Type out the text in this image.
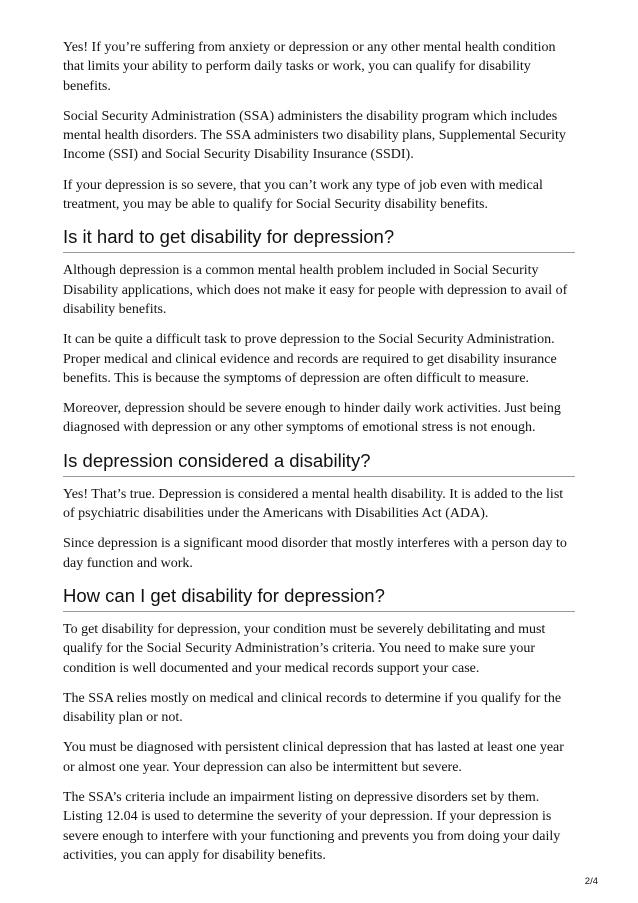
Yes! If you’re suffering from anxiety or depression or any other mental health condition that limits your ability to perform daily tasks or work, you can qualify for disability benefits.

Social Security Administration (SSA) administers the disability program which includes mental health disorders. The SSA administers two disability plans, Supplemental Security Income (SSI) and Social Security Disability Insurance (SSDI).

If your depression is so severe, that you can’t work any type of job even with medical treatment, you may be able to qualify for Social Security disability benefits.

Is it hard to get disability for depression?

Although depression is a common mental health problem included in Social Security Disability applications, which does not make it easy for people with depression to avail of disability benefits.

It can be quite a difficult task to prove depression to the Social Security Administration. Proper medical and clinical evidence and records are required to get disability insurance benefits. This is because the symptoms of depression are often difficult to measure.

Moreover, depression should be severe enough to hinder daily work activities. Just being diagnosed with depression or any other symptoms of emotional stress is not enough.

Is depression considered a disability?

Yes! That’s true. Depression is considered a mental health disability. It is added to the list of psychiatric disabilities under the Americans with Disabilities Act (ADA).

Since depression is a significant mood disorder that mostly interferes with a person day to day function and work.

How can I get disability for depression?

To get disability for depression, your condition must be severely debilitating and must qualify for the Social Security Administration’s criteria. You need to make sure your condition is well documented and your medical records support your case.

The SSA relies mostly on medical and clinical records to determine if you qualify for the disability plan or not.

You must be diagnosed with persistent clinical depression that has lasted at least one year or almost one year. Your depression can also be intermittent but severe.

The SSA’s criteria include an impairment listing on depressive disorders set by them. Listing 12.04 is used to determine the severity of your depression. If your depression is severe enough to interfere with your functioning and prevents you from doing your daily activities, you can apply for disability benefits.

2/4
